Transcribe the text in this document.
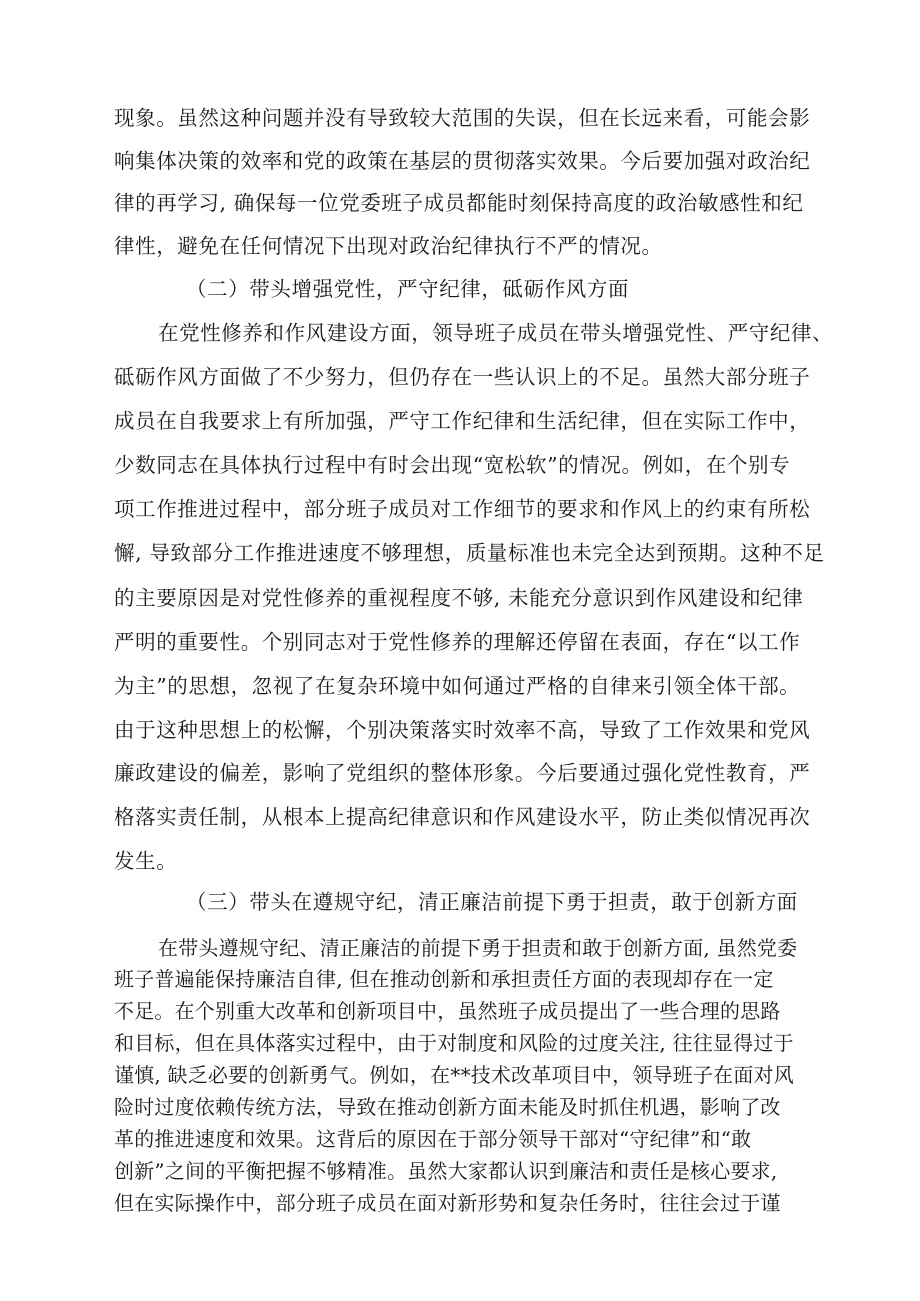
现象。虽然这种问题并没有导致较大范围的失误，但在长远来看，可能会影
响集体决策的效率和党的政策在基层的贯彻落实效果。今后要加强对政治纪
律的再学习, 确保每一位党委班子成员都能时刻保持高度的政治敏感性和纪
律性，避免在任何情况下出现对政治纪律执行不严的情况。
（二）带头增强党性，严守纪律，砥砺作风方面
在党性修养和作风建设方面，领导班子成员在带头增强党性、严守纪律、
砥砺作风方面做了不少努力，但仍存在一些认识上的不足。虽然大部分班子
成员在自我要求上有所加强，严守工作纪律和生活纪律，但在实际工作中，
少数同志在具体执行过程中有时会出现“宽松软”的情况。例如，在个别专
项工作推进过程中，部分班子成员对工作细节的要求和作风上的约束有所松
懈, 导致部分工作推进速度不够理想，质量标准也未完全达到预期。这种不足
的主要原因是对党性修养的重视程度不够, 未能充分意识到作风建设和纪律
严明的重要性。个别同志对于党性修养的理解还停留在表面，存在“以工作
为主”的思想，忽视了在复杂环境中如何通过严格的自律来引领全体干部。
由于这种思想上的松懈，个别决策落实时效率不高，导致了工作效果和党风
廉政建设的偏差，影响了党组织的整体形象。今后要通过强化党性教育，严
格落实责任制，从根本上提高纪律意识和作风建设水平，防止类似情况再次
发生。
（三）带头在遵规守纪，清正廉洁前提下勇于担责，敢于创新方面
在带头遵规守纪、清正廉洁的前提下勇于担责和敢于创新方面, 虽然党委
班子普遍能保持廉洁自律, 但在推动创新和承担责任方面的表现却存在一定
不足。在个别重大改革和创新项目中，虽然班子成员提出了一些合理的思路
和目标，但在具体落实过程中，由于对制度和风险的过度关注, 往往显得过于
谨慎, 缺乏必要的创新勇气。例如，在**技术改革项目中，领导班子在面对风
险时过度依赖传统方法，导致在推动创新方面未能及时抓住机遇，影响了改
革的推进速度和效果。这背后的原因在于部分领导干部对“守纪律”和“敢
创新”之间的平衡把握不够精准。虽然大家都认识到廉洁和责任是核心要求,
但在实际操作中，部分班子成员在面对新形势和复杂任务时，往往会过于谨
